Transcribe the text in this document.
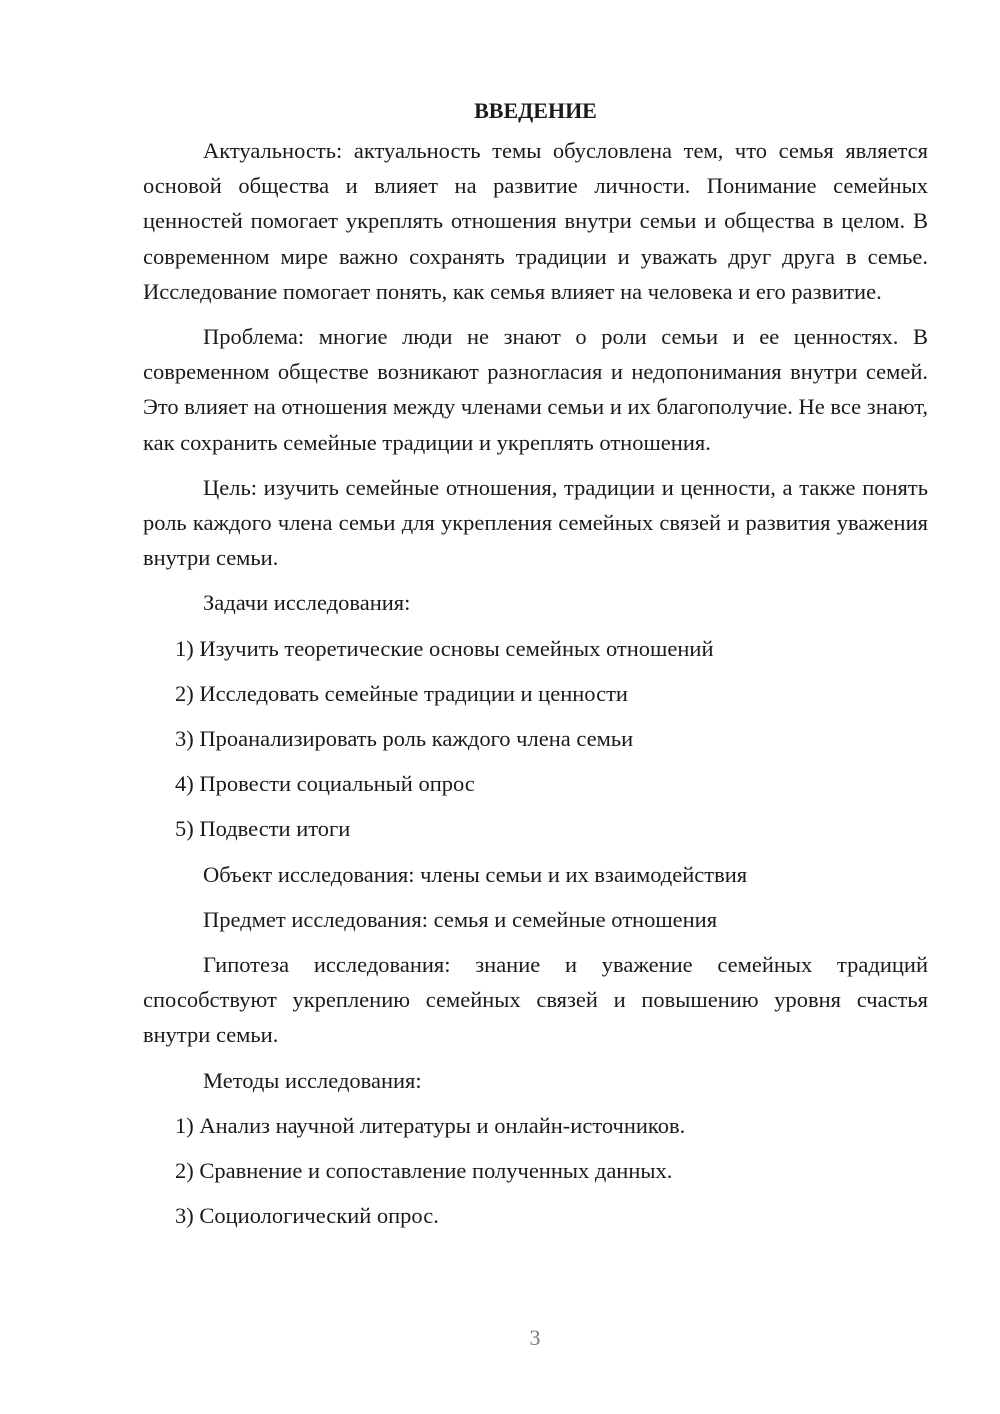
ВВЕДЕНИЕ

Актуальность: актуальность темы обусловлена тем, что семья является основой общества и влияет на развитие личности. Понимание семейных ценностей помогает укреплять отношения внутри семьи и общества в целом. В современном мире важно сохранять традиции и уважать друг друга в семье. Исследование помогает понять, как семья влияет на человека и его развитие.

Проблема: многие люди не знают о роли семьи и ее ценностях. В современном обществе возникают разногласия и недопонимания внутри семей. Это влияет на отношения между членами семьи и их благополучие. Не все знают, как сохранить семейные традиции и укреплять отношения.

Цель: изучить семейные отношения, традиции и ценности, а также понять роль каждого члена семьи для укрепления семейных связей и развития уважения внутри семьи.

Задачи исследования:
1) Изучить теоретические основы семейных отношений
2) Исследовать семейные традиции и ценности
3) Проанализировать роль каждого члена семьи
4) Провести социальный опрос
5) Подвести итоги
Объект исследования: члены семьи и их взаимодействия
Предмет исследования: семья и семейные отношения

Гипотеза исследования: знание и уважение семейных традиций способствуют укреплению семейных связей и повышению уровня счастья внутри семьи.

Методы исследования:
1) Анализ научной литературы и онлайн-источников.
2) Сравнение и сопоставление полученных данных.
3) Социологический опрос.
3
